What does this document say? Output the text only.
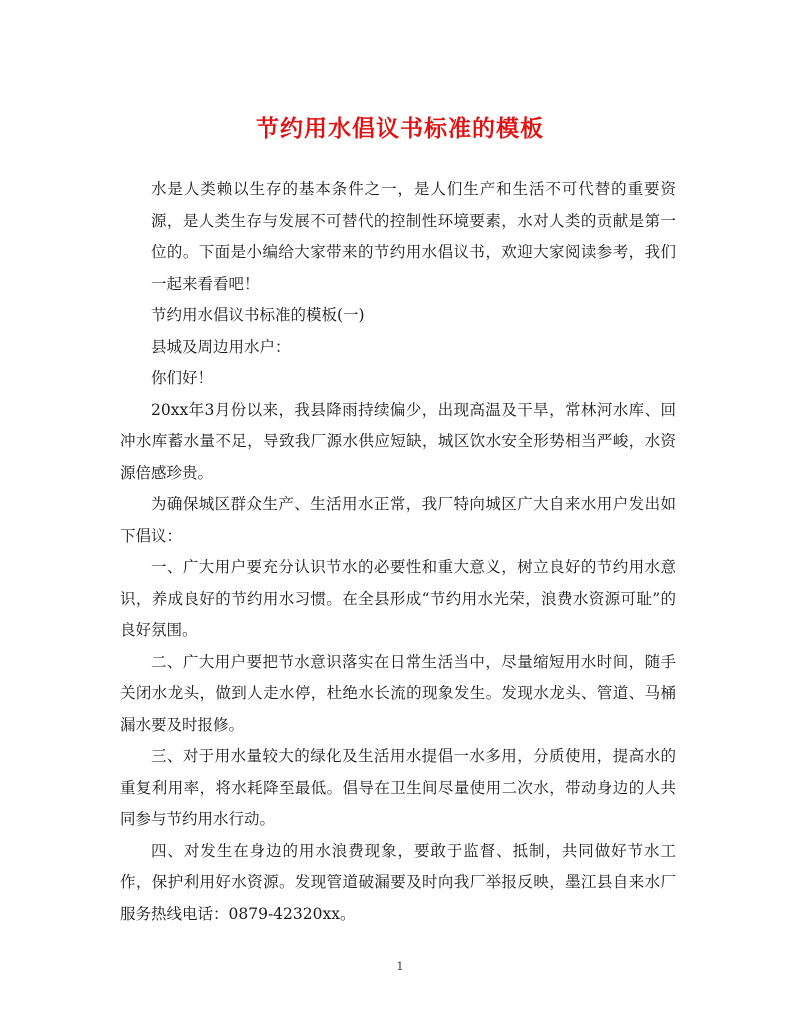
节约用水倡议书标准的模板

水是人类赖以生存的基本条件之一，是人们生产和生活不可代替的重要资源，是人类生存与发展不可替代的控制性环境要素，水对人类的贡献是第一位的。下面是小编给大家带来的节约用水倡议书，欢迎大家阅读参考，我们一起来看看吧！

节约用水倡议书标准的模板(一)

县城及周边用水户：

你们好！

20xx年3月份以来，我县降雨持续偏少，出现高温及干旱，常林河水库、回冲水库蓄水量不足，导致我厂源水供应短缺，城区饮水安全形势相当严峻，水资源倍感珍贵。

为确保城区群众生产、生活用水正常，我厂特向城区广大自来水用户发出如下倡议：

一、广大用户要充分认识节水的必要性和重大意义，树立良好的节约用水意识，养成良好的节约用水习惯。在全县形成“节约用水光荣，浪费水资源可耻”的良好氛围。

二、广大用户要把节水意识落实在日常生活当中，尽量缩短用水时间，随手关闭水龙头，做到人走水停，杜绝水长流的现象发生。发现水龙头、管道、马桶漏水要及时报修。

三、对于用水量较大的绿化及生活用水提倡一水多用，分质使用，提高水的重复利用率，将水耗降至最低。倡导在卫生间尽量使用二次水，带动身边的人共同参与节约用水行动。

四、对发生在身边的用水浪费现象，要敢于监督、抵制，共同做好节水工作，保护利用好水资源。发现管道破漏要及时向我厂举报反映，墨江县自来水厂服务热线电话：0879-42320xx。

1
